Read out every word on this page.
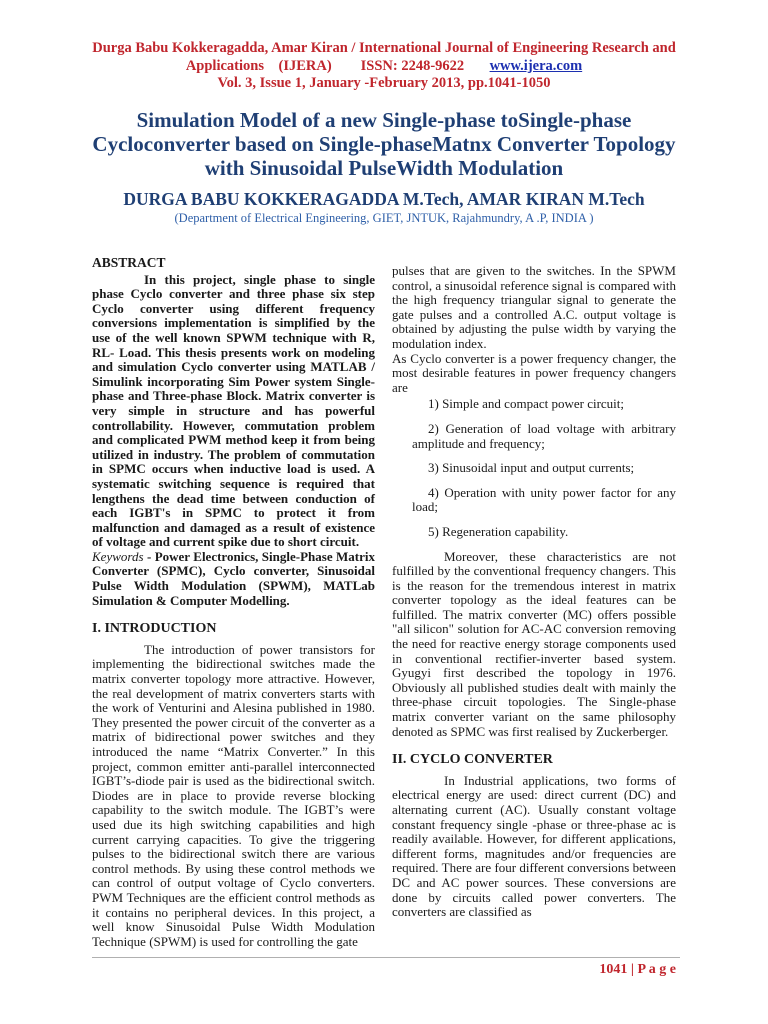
Durga Babu Kokkeragadda, Amar Kiran / International Journal of Engineering Research and
Applications    (IJERA)        ISSN: 2248-9622       www.ijera.com
Vol. 3, Issue 1, January -February 2013, pp.1041-1050
Simulation Model of a new Single-phase toSingle-phase
Cycloconverter based on Single-phaseMatnx Converter Topology
with Sinusoidal PulseWidth Modulation
DURGA BABU KOKKERAGADDA M.Tech, AMAR KIRAN M.Tech
(Department of Electrical Engineering, GIET, JNTUK, Rajahmundry, A .P, INDIA )

ABSTRACT

In this project, single phase to single phase Cyclo converter and three phase six step Cyclo converter using different frequency conversions implementation is simplified by the use of the well known SPWM technique with R, RL- Load. This thesis presents work on modeling and simulation Cyclo converter using MATLAB / Simulink incorporating Sim Power system Single-phase and Three-phase Block. Matrix converter is very simple in structure and has powerful controllability. However, commutation problem and complicated PWM method keep it from being utilized in industry. The problem of commutation in SPMC occurs when inductive load is used. A systematic switching sequence is required that lengthens the dead time between conduction of each IGBT's in SPMC to protect it from malfunction and damaged as a result of existence of voltage and current spike due to short circuit.

Keywords - Power Electronics, Single-Phase Matrix Converter (SPMC), Cyclo converter, Sinusoidal Pulse Width Modulation (SPWM), MATLab Simulation & Computer Modelling.

I. INTRODUCTION

The introduction of power transistors for implementing the bidirectional switches made the matrix converter topology more attractive. However, the real development of matrix converters starts with the work of Venturini and Alesina published in 1980. They presented the power circuit of the converter as a matrix of bidirectional power switches and they introduced the name “Matrix Converter.” In this project, common emitter anti-parallel interconnected IGBT’s-diode pair is used as the bidirectional switch. Diodes are in place to provide reverse blocking capability to the switch module. The IGBT’s were used due its high switching capabilities and high current carrying capacities. To give the triggering pulses to the bidirectional switch there are various control methods. By using these control methods we can control of output voltage of Cyclo converters. PWM Techniques are the efficient control methods as it contains no peripheral devices. In this project, a well know Sinusoidal Pulse Width Modulation Technique (SPWM) is used for controlling the gate

pulses that are given to the switches. In the SPWM control, a sinusoidal reference signal is compared with the high frequency triangular signal to generate the gate pulses and a controlled A.C. output voltage is obtained by adjusting the pulse width by varying the modulation index.

As Cyclo converter is a power frequency changer, the most desirable features in power frequency changers are

1) Simple and compact power circuit;
2) Generation of load voltage with arbitrary amplitude and frequency;
3) Sinusoidal input and output currents;
4) Operation with unity power factor for any load;
5) Regeneration capability.

Moreover, these characteristics are not fulfilled by the conventional frequency changers. This is the reason for the tremendous interest in matrix converter topology as the ideal features can be fulfilled. The matrix converter (MC) offers possible "all silicon" solution for AC-AC conversion removing the need for reactive energy storage components used in conventional rectifier-inverter based system. Gyugyi first described the topology in 1976. Obviously all published studies dealt with mainly the three-phase circuit topologies. The Single-phase matrix converter variant on the same philosophy denoted as SPMC was first realised by Zuckerberger.

II. CYCLO CONVERTER

In Industrial applications, two forms of electrical energy are used: direct current (DC) and alternating current (AC). Usually constant voltage constant frequency single -phase or three-phase ac is readily available. However, for different applications, different forms, magnitudes and/or frequencies are required. There are four different conversions between DC and AC power sources. These conversions are done by circuits called power converters. The converters are classified as

1041 | P a g e
